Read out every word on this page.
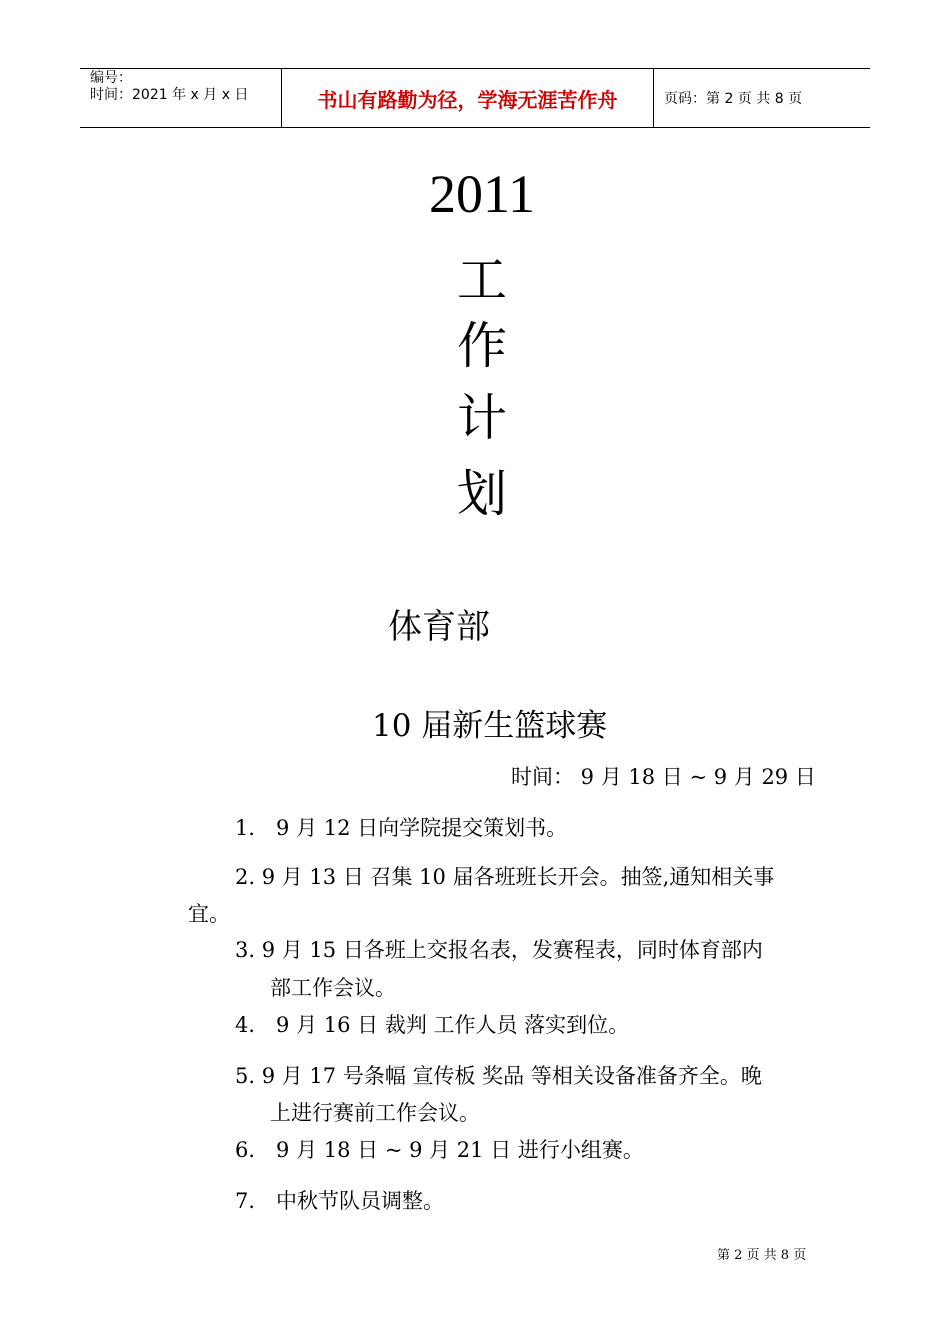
编号：
时间：2021 年 x 月 x 日	书山有路勤为径，学海无涯苦作舟	页码：第 2 页 共 8 页
2011
工
作
计
划
体育部
10 届新生篮球赛
时间： 9 月 18 日 ~ 9 月 29 日
1． 9 月 12 日向学院提交策划书。
2. 9 月 13 日 召集 10 届各班班长开会。抽签,通知相关事
宜。
3. 9 月 15 日各班上交报名表，发赛程表，同时体育部内
部工作会议。
4． 9 月 16 日 裁判 工作人员 落实到位。
5. 9 月 17 号条幅 宣传板 奖品 等相关设备准备齐全。晚
上进行赛前工作会议。
6． 9 月 18 日 ~ 9 月 21 日 进行小组赛。
7． 中秋节队员调整。
第 2 页 共 8 页
